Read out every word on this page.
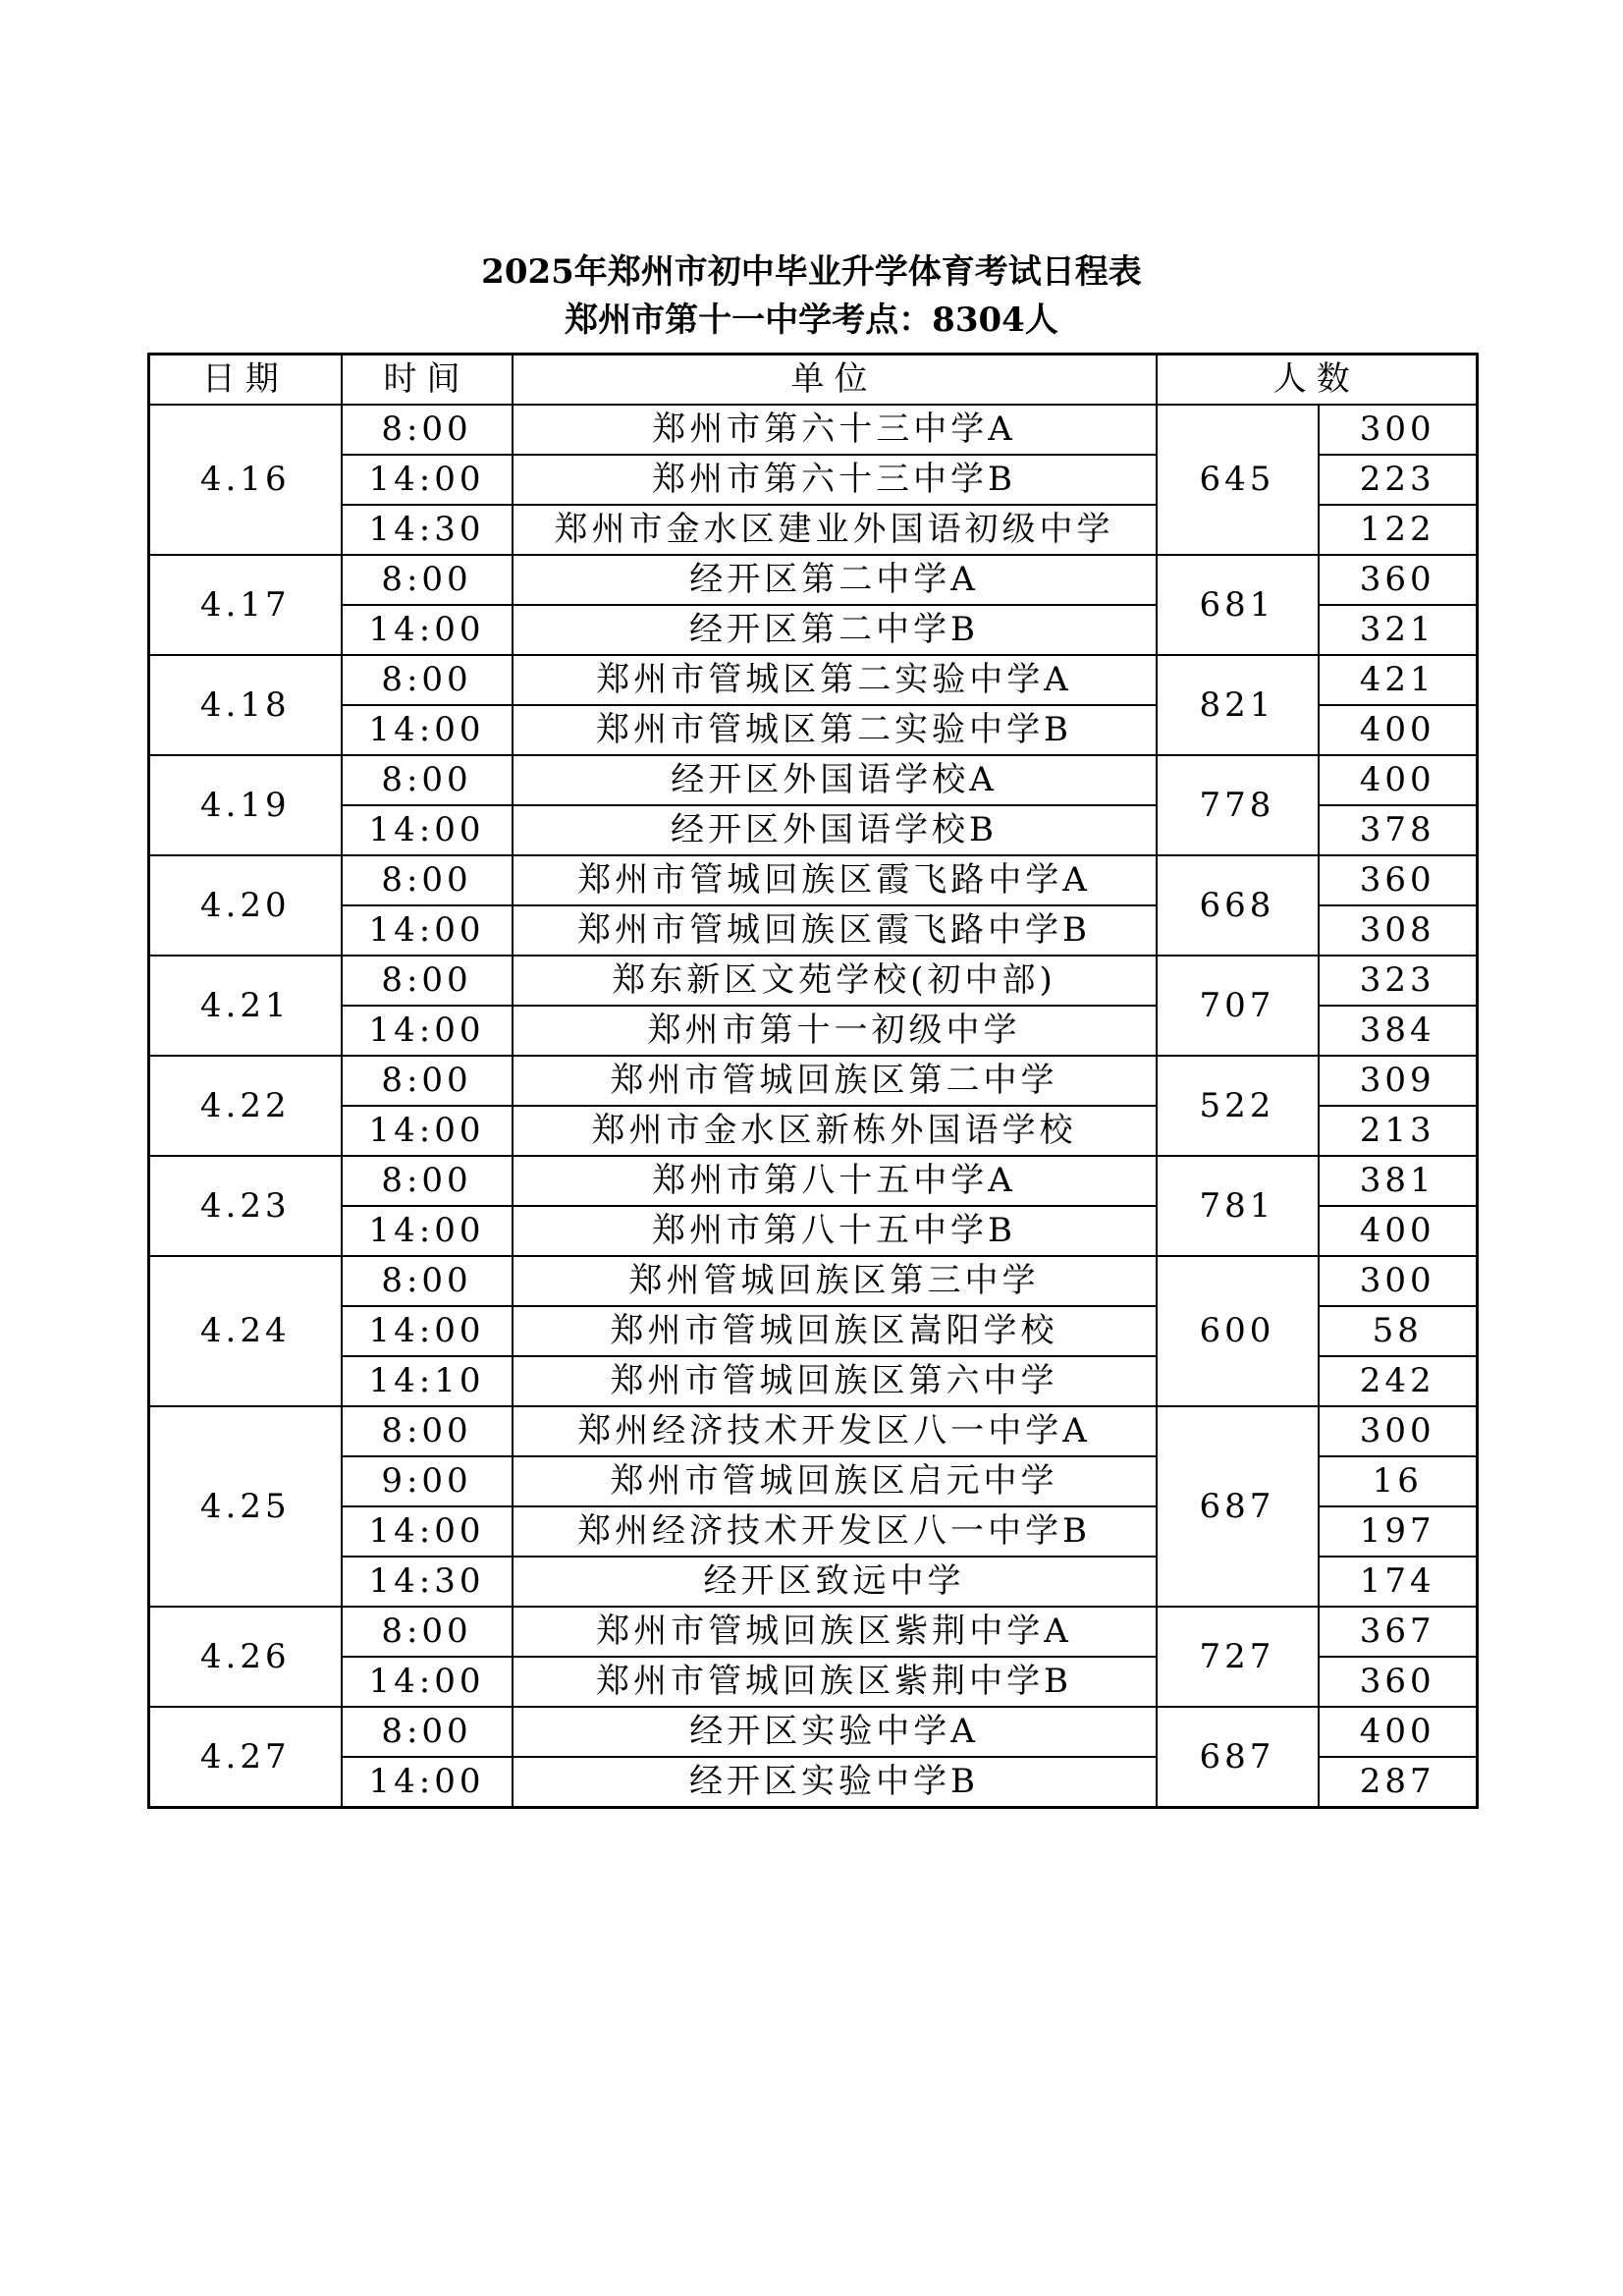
2025年郑州市初中毕业升学体育考试日程表
郑州市第十一中学考点：8304人
日期	时间	单位	人数	
4.16	8:00	郑州市第六十三中学A	645	300
	14:00	郑州市第六十三中学B		223
	14:30	郑州市金水区建业外国语初级中学		122
4.17	8:00	经开区第二中学A	681	360
	14:00	经开区第二中学B		321
4.18	8:00	郑州市管城区第二实验中学A	821	421
	14:00	郑州市管城区第二实验中学B		400
4.19	8:00	经开区外国语学校A	778	400
	14:00	经开区外国语学校B		378
4.20	8:00	郑州市管城回族区霞飞路中学A	668	360
	14:00	郑州市管城回族区霞飞路中学B		308
4.21	8:00	郑东新区文苑学校(初中部)	707	323
	14:00	郑州市第十一初级中学		384
4.22	8:00	郑州市管城回族区第二中学	522	309
	14:00	郑州市金水区新栋外国语学校		213
4.23	8:00	郑州市第八十五中学A	781	381
	14:00	郑州市第八十五中学B		400
4.24	8:00	郑州管城回族区第三中学	600	300
	14:00	郑州市管城回族区嵩阳学校		58
	14:10	郑州市管城回族区第六中学		242
4.25	8:00	郑州经济技术开发区八一中学A	687	300
	9:00	郑州市管城回族区启元中学		16
	14:00	郑州经济技术开发区八一中学B		197
	14:30	经开区致远中学		174
4.26	8:00	郑州市管城回族区紫荆中学A	727	367
	14:00	郑州市管城回族区紫荆中学B		360
4.27	8:00	经开区实验中学A	687	400
	14:00	经开区实验中学B		287
